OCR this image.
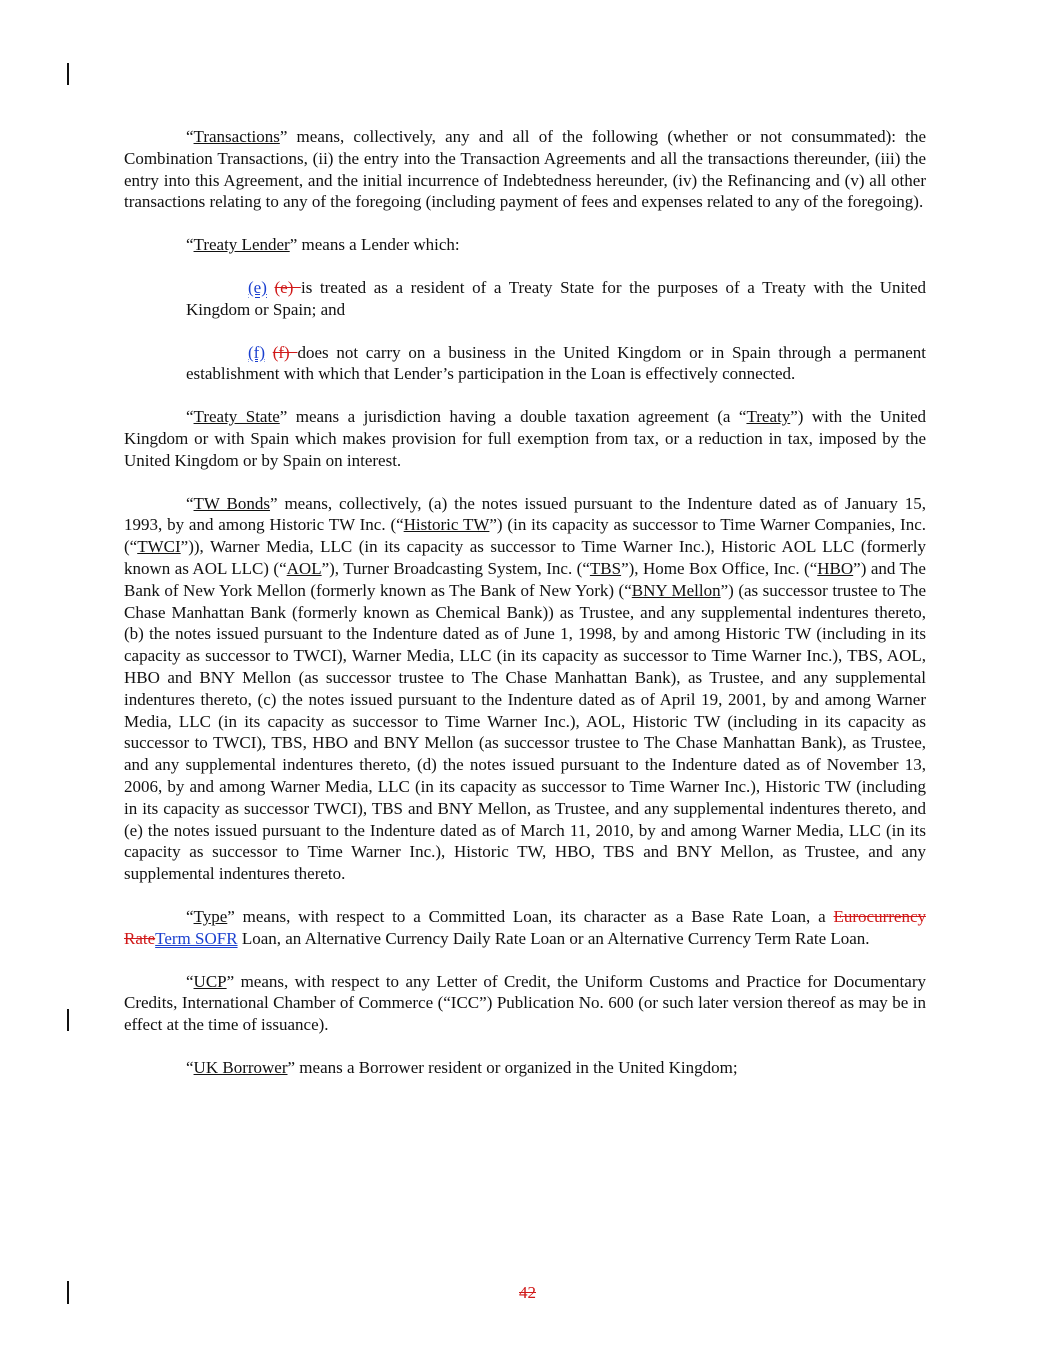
“Transactions” means, collectively, any and all of the following (whether or not consummated): the Combination Transactions, (ii) the entry into the Transaction Agreements and all the transactions thereunder, (iii) the entry into this Agreement, and the initial incurrence of Indebtedness hereunder, (iv) the Refinancing and (v) all other transactions relating to any of the foregoing (including payment of fees and expenses related to any of the foregoing).

“Treaty Lender” means a Lender which:

(e) (e) is treated as a resident of a Treaty State for the purposes of a Treaty with the United Kingdom or Spain; and

(f) (f) does not carry on a business in the United Kingdom or in Spain through a permanent establishment with which that Lender’s participation in the Loan is effectively connected.

“Treaty State” means a jurisdiction having a double taxation agreement (a “Treaty”) with the United Kingdom or with Spain which makes provision for full exemption from tax, or a reduction in tax, imposed by the United Kingdom or by Spain on interest.

“TW Bonds” means, collectively, (a) the notes issued pursuant to the Indenture dated as of January 15, 1993, by and among Historic TW Inc. (“Historic TW”) (in its capacity as successor to Time Warner Companies, Inc. (“TWCI”)), Warner Media, LLC (in its capacity as successor to Time Warner Inc.), Historic AOL LLC (formerly known as AOL LLC) (“AOL”), Turner Broadcasting System, Inc. (“TBS”), Home Box Office, Inc. (“HBO”) and The Bank of New York Mellon (formerly known as The Bank of New York) (“BNY Mellon”) (as successor trustee to The Chase Manhattan Bank (formerly known as Chemical Bank)) as Trustee, and any supplemental indentures thereto, (b) the notes issued pursuant to the Indenture dated as of June 1, 1998, by and among Historic TW (including in its capacity as successor to TWCI), Warner Media, LLC (in its capacity as successor to Time Warner Inc.), TBS, AOL, HBO and BNY Mellon (as successor trustee to The Chase Manhattan Bank), as Trustee, and any supplemental indentures thereto, (c) the notes issued pursuant to the Indenture dated as of April 19, 2001, by and among Warner Media, LLC (in its capacity as successor to Time Warner Inc.), AOL, Historic TW (including in its capacity as successor to TWCI), TBS, HBO and BNY Mellon (as successor trustee to The Chase Manhattan Bank), as Trustee, and any supplemental indentures thereto, (d) the notes issued pursuant to the Indenture dated as of November 13, 2006, by and among Warner Media, LLC (in its capacity as successor to Time Warner Inc.), Historic TW (including in its capacity as successor TWCI), TBS and BNY Mellon, as Trustee, and any supplemental indentures thereto, and (e) the notes issued pursuant to the Indenture dated as of March 11, 2010, by and among Warner Media, LLC (in its capacity as successor to Time Warner Inc.), Historic TW, HBO, TBS and BNY Mellon, as Trustee, and any supplemental indentures thereto.

“Type” means, with respect to a Committed Loan, its character as a Base Rate Loan, a Eurocurrency RateTerm SOFR Loan, an Alternative Currency Daily Rate Loan or an Alternative Currency Term Rate Loan.

“UCP” means, with respect to any Letter of Credit, the Uniform Customs and Practice for Documentary Credits, International Chamber of Commerce (“ICC”) Publication No. 600 (or such later version thereof as may be in effect at the time of issuance).

“UK Borrower” means a Borrower resident or organized in the United Kingdom;

42
